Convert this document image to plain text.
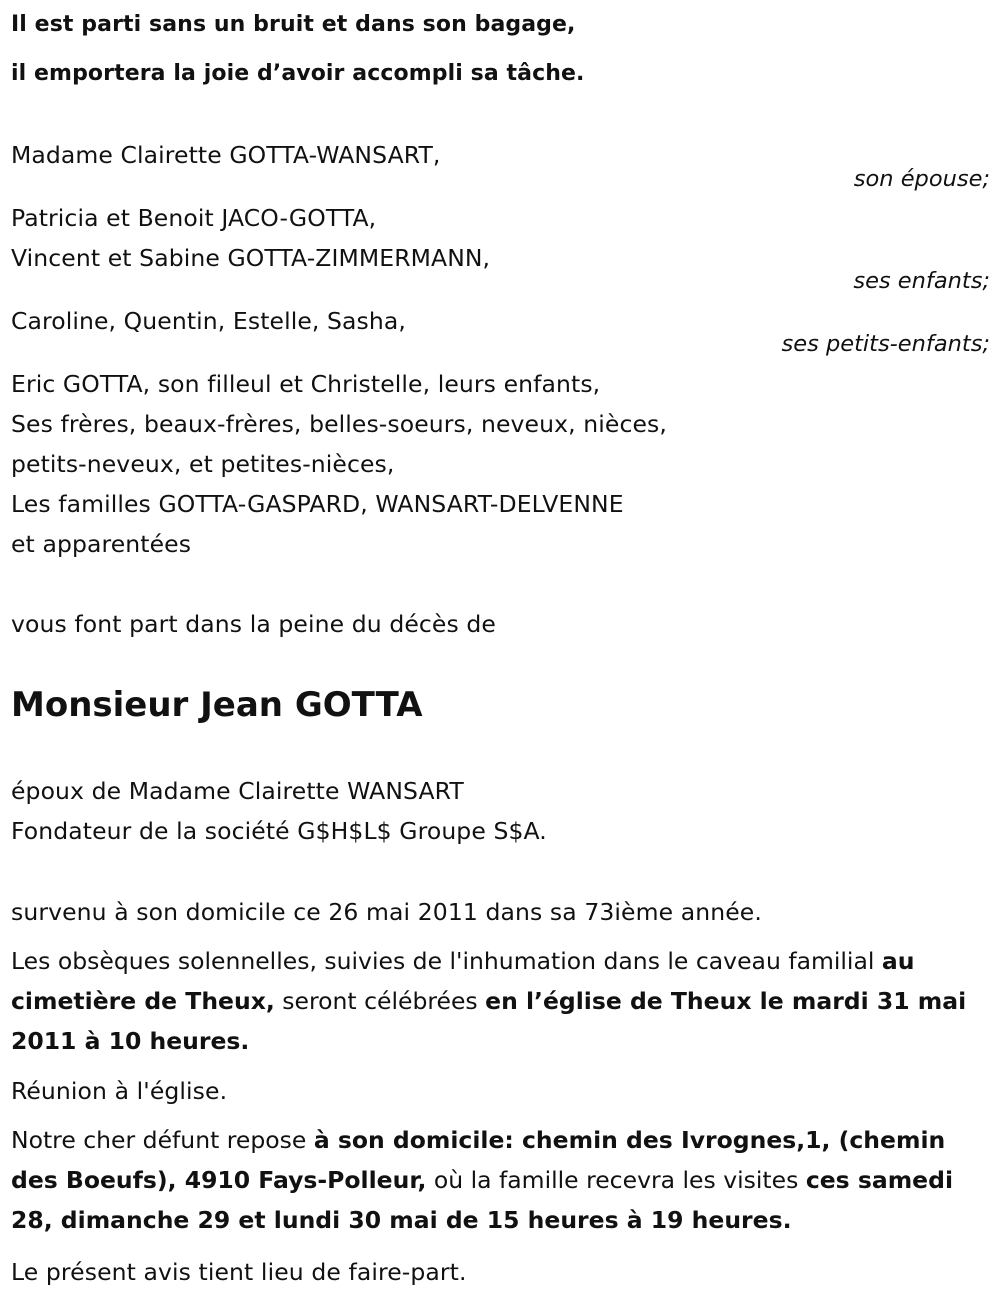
Il est parti sans un bruit et dans son bagage,
il emportera la joie d’avoir accompli sa tâche.
Madame Clairette GOTTA-WANSART,
son épouse;
Patricia et Benoit JACO-GOTTA,
Vincent et Sabine GOTTA-ZIMMERMANN,
ses enfants;
Caroline, Quentin, Estelle, Sasha,
ses petits-enfants;
Eric GOTTA, son filleul et Christelle, leurs enfants,
Ses frères, beaux-frères, belles-soeurs, neveux, nièces,
petits-neveux, et petites-nièces,
Les familles GOTTA-GASPARD, WANSART-DELVENNE
et apparentées
vous font part dans la peine du décès de
Monsieur Jean GOTTA
époux de Madame Clairette WANSART
Fondateur de la société G$H$L$ Groupe S$A.
survenu à son domicile ce 26 mai 2011 dans sa 73ième année.
Les obsèques solennelles, suivies de l'inhumation dans le caveau familial au cimetière de Theux, seront célébrées en l’église de Theux le mardi 31 mai 2011 à 10 heures.
Réunion à l'église.
Notre cher défunt repose à son domicile: chemin des Ivrognes,1, (chemin des Boeufs), 4910 Fays-Polleur, où la famille recevra les visites ces samedi 28, dimanche 29 et lundi 30 mai de 15 heures à 19 heures.
Le présent avis tient lieu de faire-part.
